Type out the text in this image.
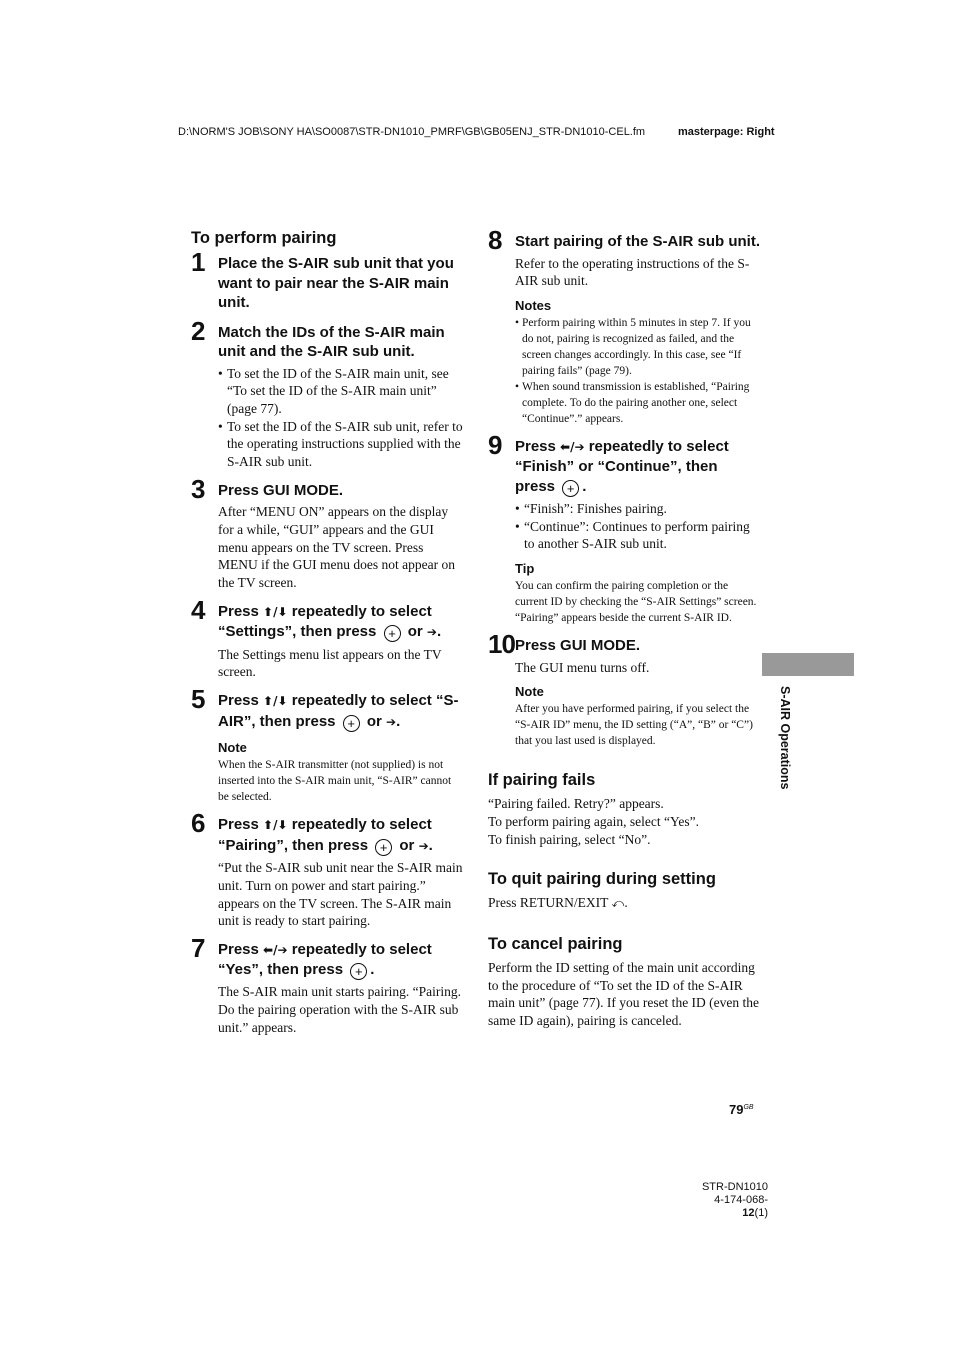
D:\NORM'S JOB\SONY HA\SO0087\STR-DN1010_PMRF\GB\GB05ENJ_STR-DN1010-CEL.fm	masterpage: Right
To perform pairing
1 Place the S-AIR sub unit that you want to pair near the S-AIR main unit.
2 Match the IDs of the S-AIR main unit and the S-AIR sub unit.
• To set the ID of the S-AIR main unit, see “To set the ID of the S-AIR main unit” (page 77).
• To set the ID of the S-AIR sub unit, refer to the operating instructions supplied with the S-AIR sub unit.
3 Press GUI MODE.
After “MENU ON” appears on the display for a while, “GUI” appears and the GUI menu appears on the TV screen. Press MENU if the GUI menu does not appear on the TV screen.
4 Press ⬆/⬇ repeatedly to select “Settings”, then press + or ➔.
The Settings menu list appears on the TV screen.
5 Press ⬆/⬇ repeatedly to select “S-AIR”, then press + or ➔.
Note
When the S-AIR transmitter (not supplied) is not inserted into the S-AIR main unit, “S-AIR” cannot be selected.
6 Press ⬆/⬇ repeatedly to select “Pairing”, then press + or ➔.
“Put the S-AIR sub unit near the S-AIR main unit. Turn on power and start pairing.” appears on the TV screen. The S-AIR main unit is ready to start pairing.
7 Press ⬅/➔ repeatedly to select “Yes”, then press + .
The S-AIR main unit starts pairing. “Pairing. Do the pairing operation with the S-AIR sub unit.” appears.
8 Start pairing of the S-AIR sub unit.
Refer to the operating instructions of the S-AIR sub unit.
Notes
• Perform pairing within 5 minutes in step 7. If you do not, pairing is recognized as failed, and the screen changes accordingly. In this case, see “If pairing fails” (page 79).
• When sound transmission is established, “Pairing complete. To do the pairing another one, select “Continue”.” appears.
9 Press ⬅/➔ repeatedly to select “Finish” or “Continue”, then press + .
• “Finish”: Finishes pairing.
• “Continue”: Continues to perform pairing to another S-AIR sub unit.
Tip
You can confirm the pairing completion or the current ID by checking the “S-AIR Settings” screen. “Pairing” appears beside the current S-AIR ID.
10 Press GUI MODE.
The GUI menu turns off.
Note
After you have performed pairing, if you select the “S-AIR ID” menu, the ID setting (“A”, “B” or “C”) that you last used is displayed.
If pairing fails
“Pairing failed. Retry?” appears.
To perform pairing again, select “Yes”.
To finish pairing, select “No”.
To quit pairing during setting
Press RETURN/EXIT ⤺.
To cancel pairing
Perform the ID setting of the main unit according to the procedure of “To set the ID of the S-AIR main unit” (page 77). If you reset the ID (even the same ID again), pairing is canceled.
S-AIR Operations
$79^{GB}$
STR-DN1010
4-174-068-12(1)
